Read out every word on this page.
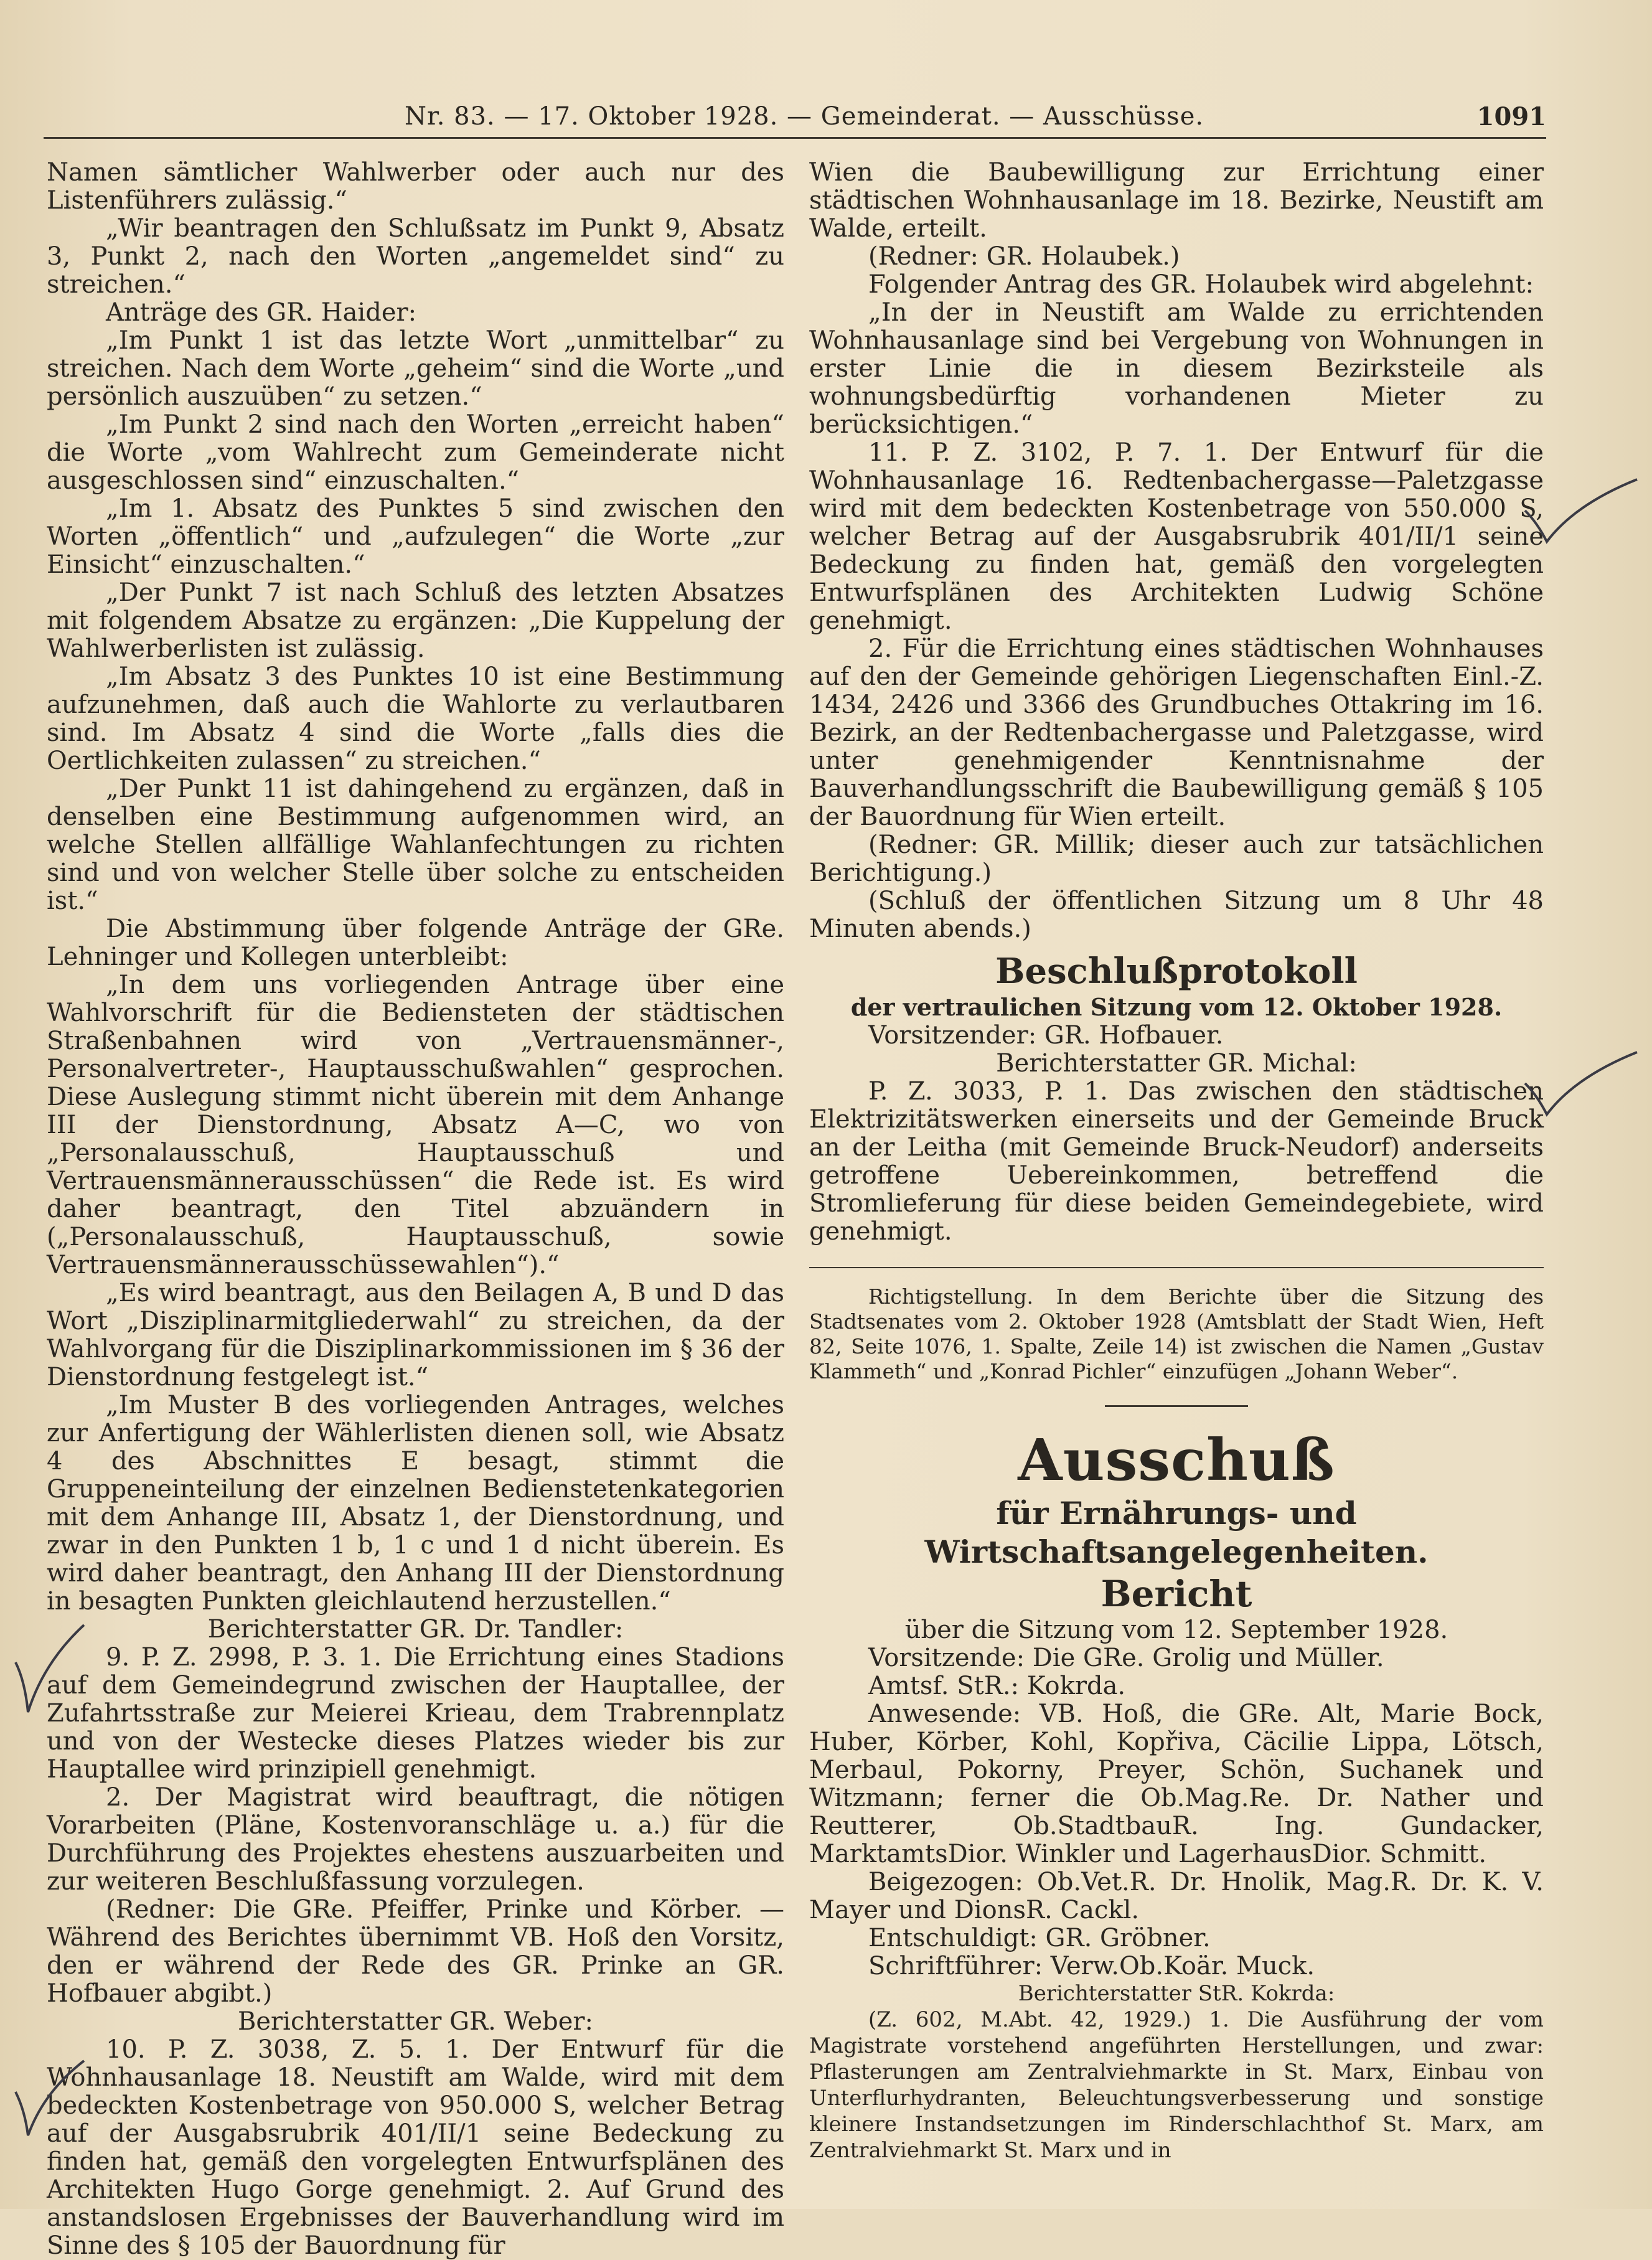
Nr. 83. — 17. Oktober 1928. — Gemeinderat. — Ausschüsse.	1091

Namen sämtlicher Wahlwerber oder auch nur des Listenführers zulässig.“

„Wir beantragen den Schlußsatz im Punkt 9, Absatz 3, Punkt 2, nach den Worten „angemeldet sind“ zu streichen.“

Anträge des GR. Haider:

„Im Punkt 1 ist das letzte Wort „unmittelbar“ zu streichen. Nach dem Worte „geheim“ sind die Worte „und persönlich auszuüben“ zu setzen.“

„Im Punkt 2 sind nach den Worten „erreicht haben“ die Worte „vom Wahlrecht zum Gemeinderate nicht ausgeschlossen sind“ einzuschalten.“

„Im 1. Absatz des Punktes 5 sind zwischen den Worten „öffentlich“ und „aufzulegen“ die Worte „zur Einsicht“ einzuschalten.“

„Der Punkt 7 ist nach Schluß des letzten Absatzes mit folgendem Absatze zu ergänzen: „Die Kuppelung der Wahlwerberlisten ist zulässig.

„Im Absatz 3 des Punktes 10 ist eine Bestimmung aufzunehmen, daß auch die Wahlorte zu verlautbaren sind. Im Absatz 4 sind die Worte „falls dies die Oertlichkeiten zulassen“ zu streichen.“

„Der Punkt 11 ist dahingehend zu ergänzen, daß in denselben eine Bestimmung aufgenommen wird, an welche Stellen allfällige Wahlanfechtungen zu richten sind und von welcher Stelle über solche zu entscheiden ist.“

Die Abstimmung über folgende Anträge der GRe. Lehninger und Kollegen unterbleibt:

„In dem uns vorliegenden Antrage über eine Wahlvorschrift für die Bediensteten der städtischen Straßenbahnen wird von „Vertrauensmänner-, Personalvertreter-, Hauptausschußwahlen“ gesprochen. Diese Auslegung stimmt nicht überein mit dem Anhange III der Dienstordnung, Absatz A—C, wo von „Personalausschuß, Hauptausschuß und Vertrauensmännerausschüssen“ die Rede ist. Es wird daher beantragt, den Titel abzuändern in („Personalausschuß, Hauptausschuß, sowie Vertrauensmännerausschüssewahlen“).“

„Es wird beantragt, aus den Beilagen A, B und D das Wort „Disziplinarmitgliederwahl“ zu streichen, da der Wahlvorgang für die Disziplinarkommissionen im § 36 der Dienstordnung festgelegt ist.“

„Im Muster B des vorliegenden Antrages, welches zur Anfertigung der Wählerlisten dienen soll, wie Absatz 4 des Abschnittes E besagt, stimmt die Gruppeneinteilung der einzelnen Bedienstetenkategorien mit dem Anhange III, Absatz 1, der Dienstordnung, und zwar in den Punkten 1 b, 1 c und 1 d nicht überein. Es wird daher beantragt, den Anhang III der Dienstordnung in besagten Punkten gleichlautend herzustellen.“

Berichterstatter GR. Dr. Tandler:

9. P. Z. 2998, P. 3. 1. Die Errichtung eines Stadions auf dem Gemeindegrund zwischen der Hauptallee, der Zufahrtsstraße zur Meierei Krieau, dem Trabrennplatz und von der Westecke dieses Platzes wieder bis zur Hauptallee wird prinzipiell genehmigt.

2. Der Magistrat wird beauftragt, die nötigen Vorarbeiten (Pläne, Kostenvoranschläge u. a.) für die Durchführung des Projektes ehestens auszuarbeiten und zur weiteren Beschlußfassung vorzulegen.

(Redner: Die GRe. Pfeiffer, Prinke und Körber. — Während des Berichtes übernimmt VB. Hoß den Vorsitz, den er während der Rede des GR. Prinke an GR. Hofbauer abgibt.)

Berichterstatter GR. Weber:

10. P. Z. 3038, Z. 5. 1. Der Entwurf für die Wohnhausanlage 18. Neustift am Walde, wird mit dem bedeckten Kostenbetrage von 950.000 S, welcher Betrag auf der Ausgabsrubrik 401/II/1 seine Bedeckung zu finden hat, gemäß den vorgelegten Entwurfsplänen des Architekten Hugo Gorge genehmigt. 2. Auf Grund des anstandslosen Ergebnisses der Bauverhandlung wird im Sinne des § 105 der Bauordnung für

Wien die Baubewilligung zur Errichtung einer städtischen Wohnhausanlage im 18. Bezirke, Neustift am Walde, erteilt.

(Redner: GR. Holaubek.)

Folgender Antrag des GR. Holaubek wird abgelehnt:

„In der in Neustift am Walde zu errichtenden Wohnhausanlage sind bei Vergebung von Wohnungen in erster Linie die in diesem Bezirksteile als wohnungsbedürftig vorhandenen Mieter zu berücksichtigen.“

11. P. Z. 3102, P. 7. 1. Der Entwurf für die Wohnhausanlage 16. Redtenbachergasse—Paletzgasse wird mit dem bedeckten Kostenbetrage von 550.000 S, welcher Betrag auf der Ausgabsrubrik 401/II/1 seine Bedeckung zu finden hat, gemäß den vorgelegten Entwurfsplänen des Architekten Ludwig Schöne genehmigt.

2. Für die Errichtung eines städtischen Wohnhauses auf den der Gemeinde gehörigen Liegenschaften Einl.-Z. 1434, 2426 und 3366 des Grundbuches Ottakring im 16. Bezirk, an der Redtenbachergasse und Paletzgasse, wird unter genehmigender Kenntnisnahme der Bauverhandlungsschrift die Baubewilligung gemäß § 105 der Bauordnung für Wien erteilt.

(Redner: GR. Millik; dieser auch zur tatsächlichen Berichtigung.)

(Schluß der öffentlichen Sitzung um 8 Uhr 48 Minuten abends.)

Beschlußprotokoll

der vertraulichen Sitzung vom 12. Oktober 1928.

Vorsitzender: GR. Hofbauer.

Berichterstatter GR. Michal:

P. Z. 3033, P. 1. Das zwischen den städtischen Elektrizitätswerken einerseits und der Gemeinde Bruck an der Leitha (mit Gemeinde Bruck-Neudorf) anderseits getroffene Uebereinkommen, betreffend die Stromlieferung für diese beiden Gemeindegebiete, wird genehmigt.

Richtigstellung. In dem Berichte über die Sitzung des Stadtsenates vom 2. Oktober 1928 (Amtsblatt der Stadt Wien, Heft 82, Seite 1076, 1. Spalte, Zeile 14) ist zwischen die Namen „Gustav Klammeth“ und „Konrad Pichler“ einzufügen „Johann Weber“.
Ausschuß
für Ernährungs- und Wirtschaftsangelegenheiten.
Bericht

über die Sitzung vom 12. September 1928.

Vorsitzende: Die GRe. Grolig und Müller.

Amtsf. StR.: Kokrda.

Anwesende: VB. Hoß, die GRe. Alt, Marie Bock, Huber, Körber, Kohl, Kopřiva, Cäcilie Lippa, Lötsch, Merbaul, Pokorny, Preyer, Schön, Suchanek und Witzmann; ferner die Ob.Mag.Re. Dr. Nather und Reutterer, Ob.StadtbauR. Ing. Gundacker, MarktamtsDior. Winkler und LagerhausDior. Schmitt.

Beigezogen: Ob.Vet.R. Dr. Hnolik, Mag.R. Dr. K. V. Mayer und DionsR. Cackl.

Entschuldigt: GR. Gröbner.

Schriftführer: Verw.Ob.Koär. Muck.

Berichterstatter StR. Kokrda:

(Z. 602, M.Abt. 42, 1929.) 1. Die Ausführung der vom Magistrate vorstehend angeführten Herstellungen, und zwar: Pflasterungen am Zentralviehmarkte in St. Marx, Einbau von Unterflurhydranten, Beleuchtungsverbesserung und sonstige kleinere Instandsetzungen im Rinderschlachthof St. Marx, am Zentralviehmarkt St. Marx und in
